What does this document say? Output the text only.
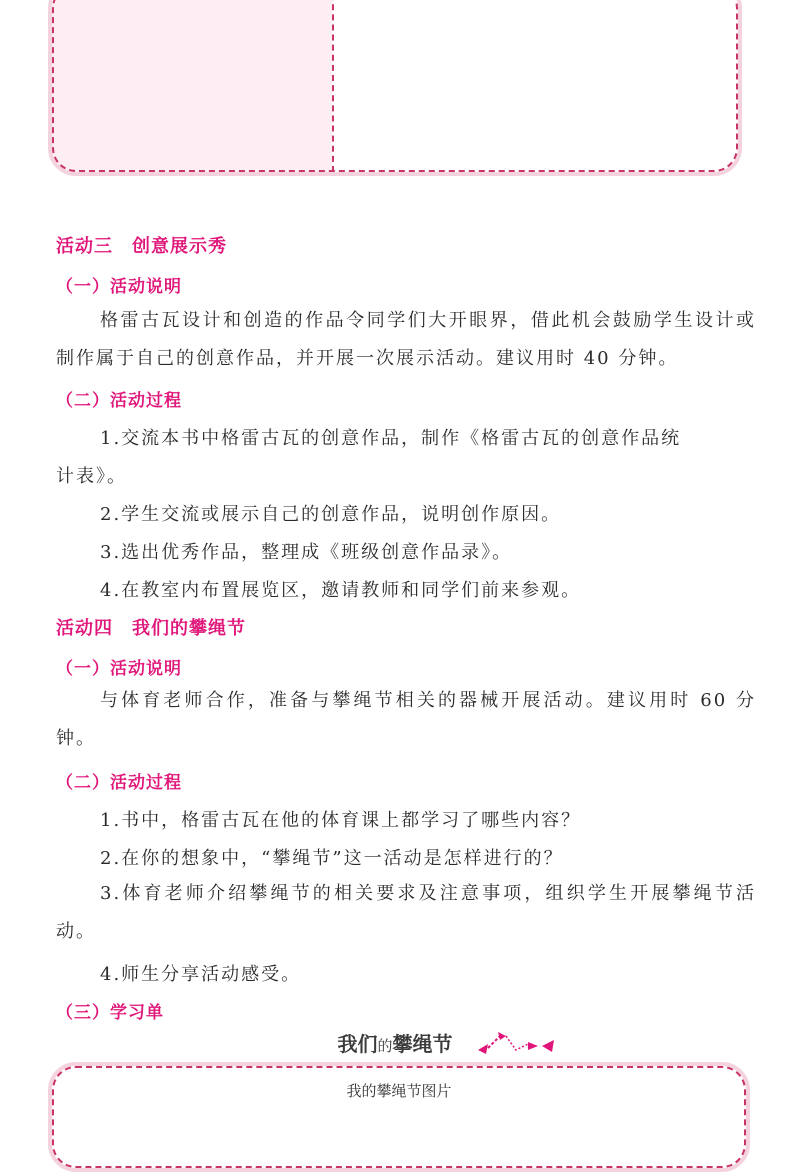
活动三　创意展示秀
（一）活动说明
格雷古瓦设计和创造的作品令同学们大开眼界，借此机会鼓励学生设计或制作属于自己的创意作品，并开展一次展示活动。建议用时 40 分钟。
（二）活动过程
1.交流本书中格雷古瓦的创意作品，制作《格雷古瓦的创意作品统
计表》。
2.学生交流或展示自己的创意作品，说明创作原因。
3.选出优秀作品，整理成《班级创意作品录》。
4.在教室内布置展览区，邀请教师和同学们前来参观。
活动四　我们的攀绳节
（一）活动说明
与体育老师合作，准备与攀绳节相关的器械开展活动。建议用时 60 分钟。
（二）活动过程
1.书中，格雷古瓦在他的体育课上都学习了哪些内容？
2.在你的想象中，“攀绳节”这一活动是怎样进行的？
3.体育老师介绍攀绳节的相关要求及注意事项，组织学生开展攀绳节活动。
4.师生分享活动感受。
（三）学习单
我们的攀绳节
我的攀绳节图片
